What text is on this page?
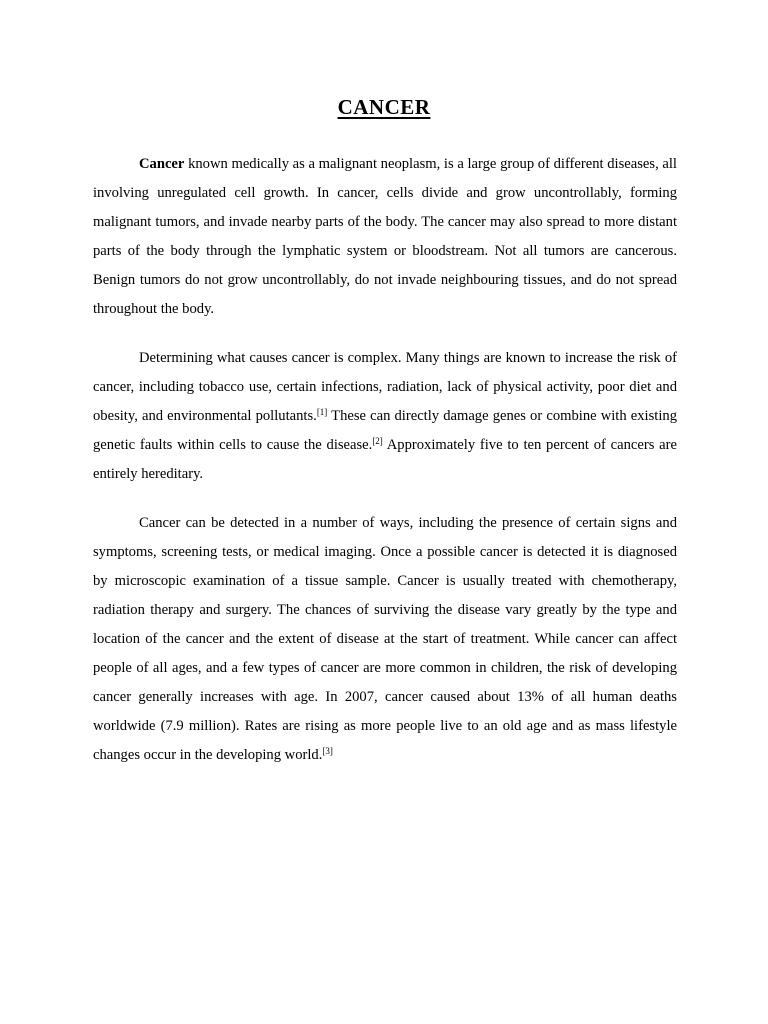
CANCER

Cancer known medically as a malignant neoplasm, is a large group of different diseases, all involving unregulated cell growth. In cancer, cells divide and grow uncontrollably, forming malignant tumors, and invade nearby parts of the body. The cancer may also spread to more distant parts of the body through the lymphatic system or bloodstream. Not all tumors are cancerous. Benign tumors do not grow uncontrollably, do not invade neighbouring tissues, and do not spread throughout the body.

Determining what causes cancer is complex. Many things are known to increase the risk of cancer, including tobacco use, certain infections, radiation, lack of physical activity, poor diet and obesity, and environmental pollutants.[1] These can directly damage genes or combine with existing genetic faults within cells to cause the disease.[2] Approximately five to ten percent of cancers are entirely hereditary.

Cancer can be detected in a number of ways, including the presence of certain signs and symptoms, screening tests, or medical imaging. Once a possible cancer is detected it is diagnosed by microscopic examination of a tissue sample. Cancer is usually treated with chemotherapy, radiation therapy and surgery. The chances of surviving the disease vary greatly by the type and location of the cancer and the extent of disease at the start of treatment. While cancer can affect people of all ages, and a few types of cancer are more common in children, the risk of developing cancer generally increases with age. In 2007, cancer caused about 13% of all human deaths worldwide (7.9 million). Rates are rising as more people live to an old age and as mass lifestyle changes occur in the developing world.[3]
